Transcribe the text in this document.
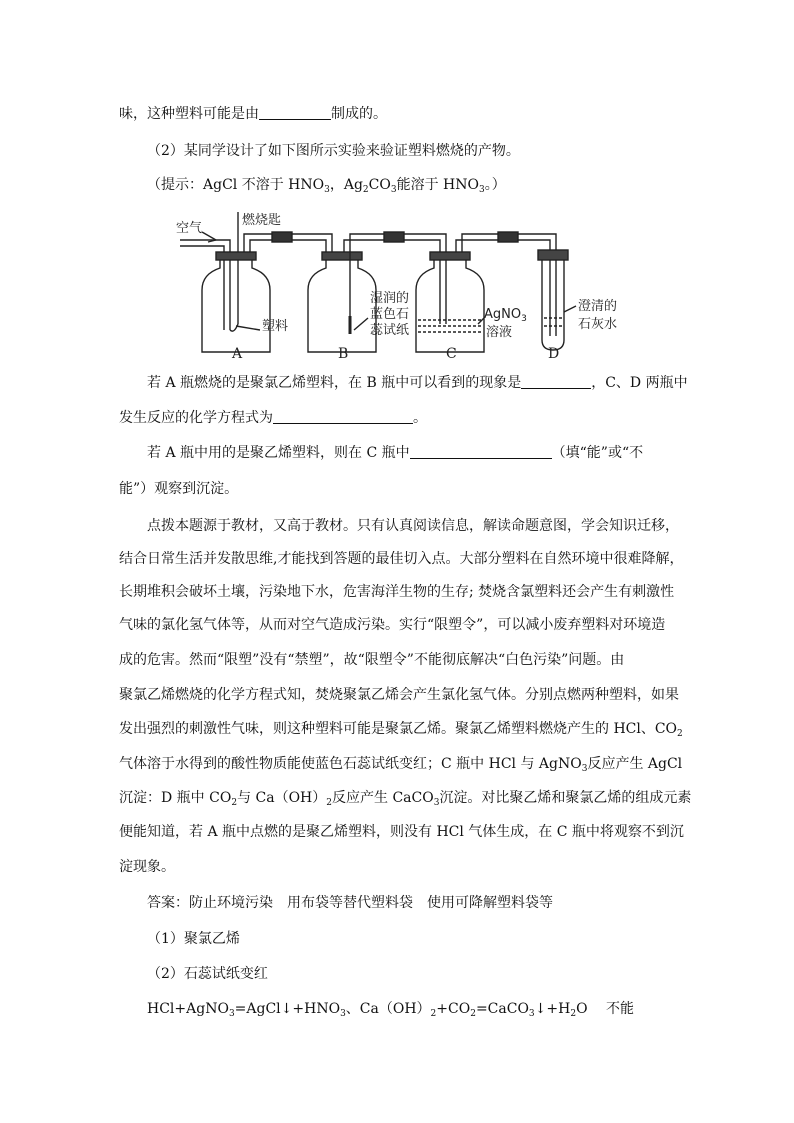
味，这种塑料可能是由	制成的。
（2）某同学设计了如下图所示实验来验证塑料燃烧的产物。
（提示：AgCl 不溶于 $HNO_3$，$Ag_2CO_3$能溶于 $HNO_3$。）
空气
燃烧匙
塑料
湿润的
蓝色石
蕊试纸
AgNO$_3$
溶液
澄清的
石灰水
A	B	C	D
若 A 瓶燃烧的是聚氯乙烯塑料，在 B 瓶中可以看到的现象是	，C、D 两瓶中
发生反应的化学方程式为	。
若 A 瓶中用的是聚乙烯塑料，则在 C 瓶中	（填“能”或“不
能”）观察到沉淀。
点拨本题源于教材，又高于教材。只有认真阅读信息，解读命题意图，学会知识迁移，
结合日常生活并发散思维,才能找到答题的最佳切入点。大部分塑料在自然环境中很难降解，
长期堆积会破坏土壤，污染地下水，危害海洋生物的生存; 焚烧含氯塑料还会产生有刺激性
气味的氯化氢气体等，从而对空气造成污染。实行“限塑令”，可以减小废弃塑料对环境造
成的危害。然而“限塑”没有“禁塑”，故“限塑令”不能彻底解决“白色污染”问题。由
聚氯乙烯燃烧的化学方程式知，焚烧聚氯乙烯会产生氯化氢气体。分别点燃两种塑料，如果
发出强烈的刺激性气味，则这种塑料可能是聚氯乙烯。聚氯乙烯塑料燃烧产生的 HCl、$CO_2$
气体溶于水得到的酸性物质能使蓝色石蕊试纸变红；C 瓶中 HCl 与 AgNO$_3$反应产生 AgCl
沉淀：D 瓶中 $CO_2$与 $Ca(OH)_2$反应产生 CaCO$_3$沉淀。对比聚乙烯和聚氯乙烯的组成元素
便能知道，若 A 瓶中点燃的是聚乙烯塑料，则没有 HCl 气体生成，在 C 瓶中将观察不到沉
淀现象。
答案：防止环境污染　用布袋等替代塑料袋　使用可降解塑料袋等
（1）聚氯乙烯
（2）石蕊试纸变红
$HCl+AgNO_3=AgCl↓+HNO_3$、$Ca(OH)_2+CO_2=CaCO_3↓+H_2O$　 不能
